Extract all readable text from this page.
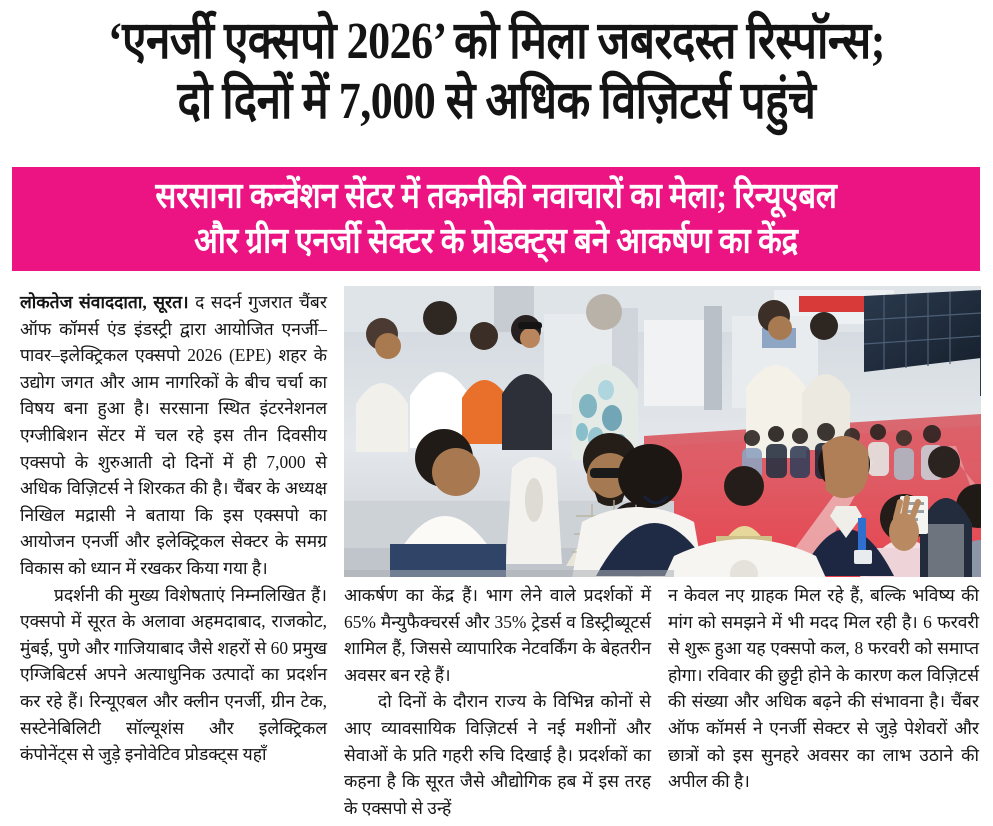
‘एनर्जी एक्सपो 2026’ को मिला जबरदस्त रिस्पॉन्स;
दो दिनों में 7,000 से अधिक विज़िटर्स पहुंचे
सरसाना कन्वेंशन सेंटर में तकनीकी नवाचारों का मेला; रिन्यूएबल
और ग्रीन एनर्जी सेक्टर के प्रोडक्ट्स बने आकर्षण का केंद्र

लोकतेज संवाददाता, सूरत। द सदर्न गुजरात चैंबर ऑफ कॉमर्स एंड इंडस्ट्री द्वारा आयोजित एनर्जी–पावर–इलेक्ट्रिकल एक्सपो 2026 (EPE) शहर के उद्योग जगत और आम नागरिकों के बीच चर्चा का विषय बना हुआ है। सरसाना स्थित इंटरनेशनल एग्जीबिशन सेंटर में चल रहे इस तीन दिवसीय एक्सपो के शुरुआती दो दिनों में ही 7,000 से अधिक विज़िटर्स ने शिरकत की है। चैंबर के अध्यक्ष निखिल मद्रासी ने बताया कि इस एक्सपो का आयोजन एनर्जी और इलेक्ट्रिकल सेक्टर के समग्र विकास को ध्यान में रखकर किया गया है।

प्रदर्शनी की मुख्य विशेषताएं निम्नलिखित हैं। एक्सपो में सूरत के अलावा अहमदाबाद, राजकोट, मुंबई, पुणे और गाजियाबाद जैसे शहरों से 60 प्रमुख एग्जिबिटर्स अपने अत्याधुनिक उत्पादों का प्रदर्शन कर रहे हैं। रिन्यूएबल और क्लीन एनर्जी, ग्रीन टेक, सस्टेनेबिलिटी सॉल्यूशंस और इलेक्ट्रिकल कंपोनेंट्स से जुड़े इनोवेटिव प्रोडक्ट्स यहाँ

आकर्षण का केंद्र हैं। भाग लेने वाले प्रदर्शकों में 65% मैन्युफैक्चरर्स और 35% ट्रेडर्स व डिस्ट्रीब्यूटर्स शामिल हैं, जिससे व्यापारिक नेटवर्किंग के बेहतरीन अवसर बन रहे हैं।

दो दिनों के दौरान राज्य के विभिन्न कोनों से आए व्यावसायिक विज़िटर्स ने नई मशीनों और सेवाओं के प्रति गहरी रुचि दिखाई है। प्रदर्शकों का कहना है कि सूरत जैसे औद्योगिक हब में इस तरह के एक्सपो से उन्हें

न केवल नए ग्राहक मिल रहे हैं, बल्कि भविष्य की मांग को समझने में भी मदद मिल रही है। 6 फरवरी से शुरू हुआ यह एक्सपो कल, 8 फरवरी को समाप्त होगा। रविवार की छुट्टी होने के कारण कल विज़िटर्स की संख्या और अधिक बढ़ने की संभावना है। चैंबर ऑफ कॉमर्स ने एनर्जी सेक्टर से जुड़े पेशेवरों और छात्रों को इस सुनहरे अवसर का लाभ उठाने की अपील की है।
